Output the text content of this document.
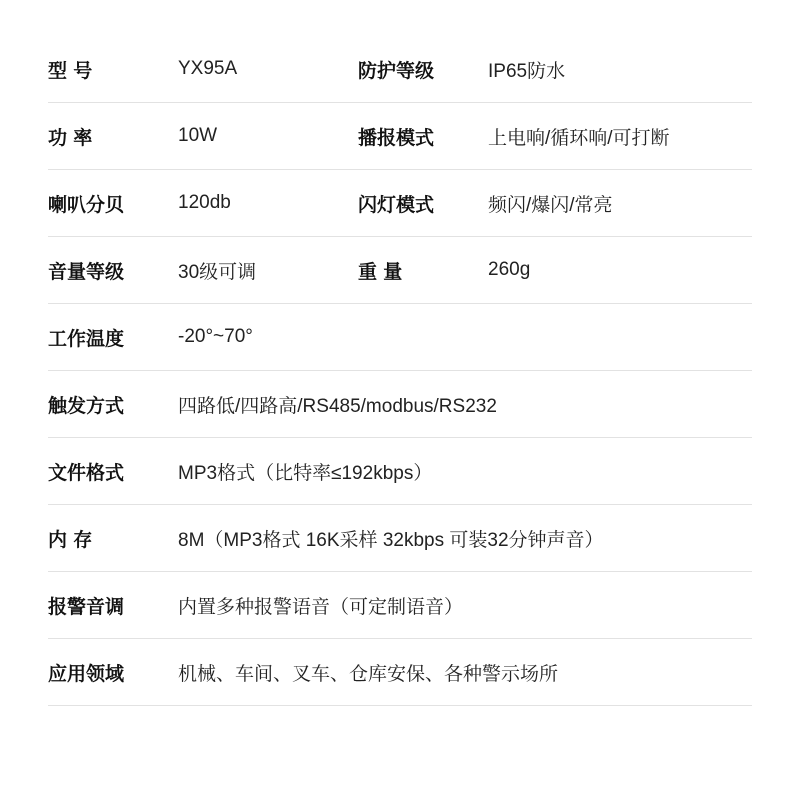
型 号	YX95A	防护等级	IP65防水
功 率	10W	播报模式	上电响/循环响/可打断
喇叭分贝	120db	闪灯模式	频闪/爆闪/常亮
音量等级	30级可调	重 量	260g
工作温度	-20°~70°
触发方式	四路低/四路高/RS485/modbus/RS232
文件格式	MP3格式（比特率≤192kbps）
内 存	8M（MP3格式 16K采样 32kbps 可装32分钟声音）
报警音调	内置多种报警语音（可定制语音）
应用领域	机械、车间、叉车、仓库安保、各种警示场所
